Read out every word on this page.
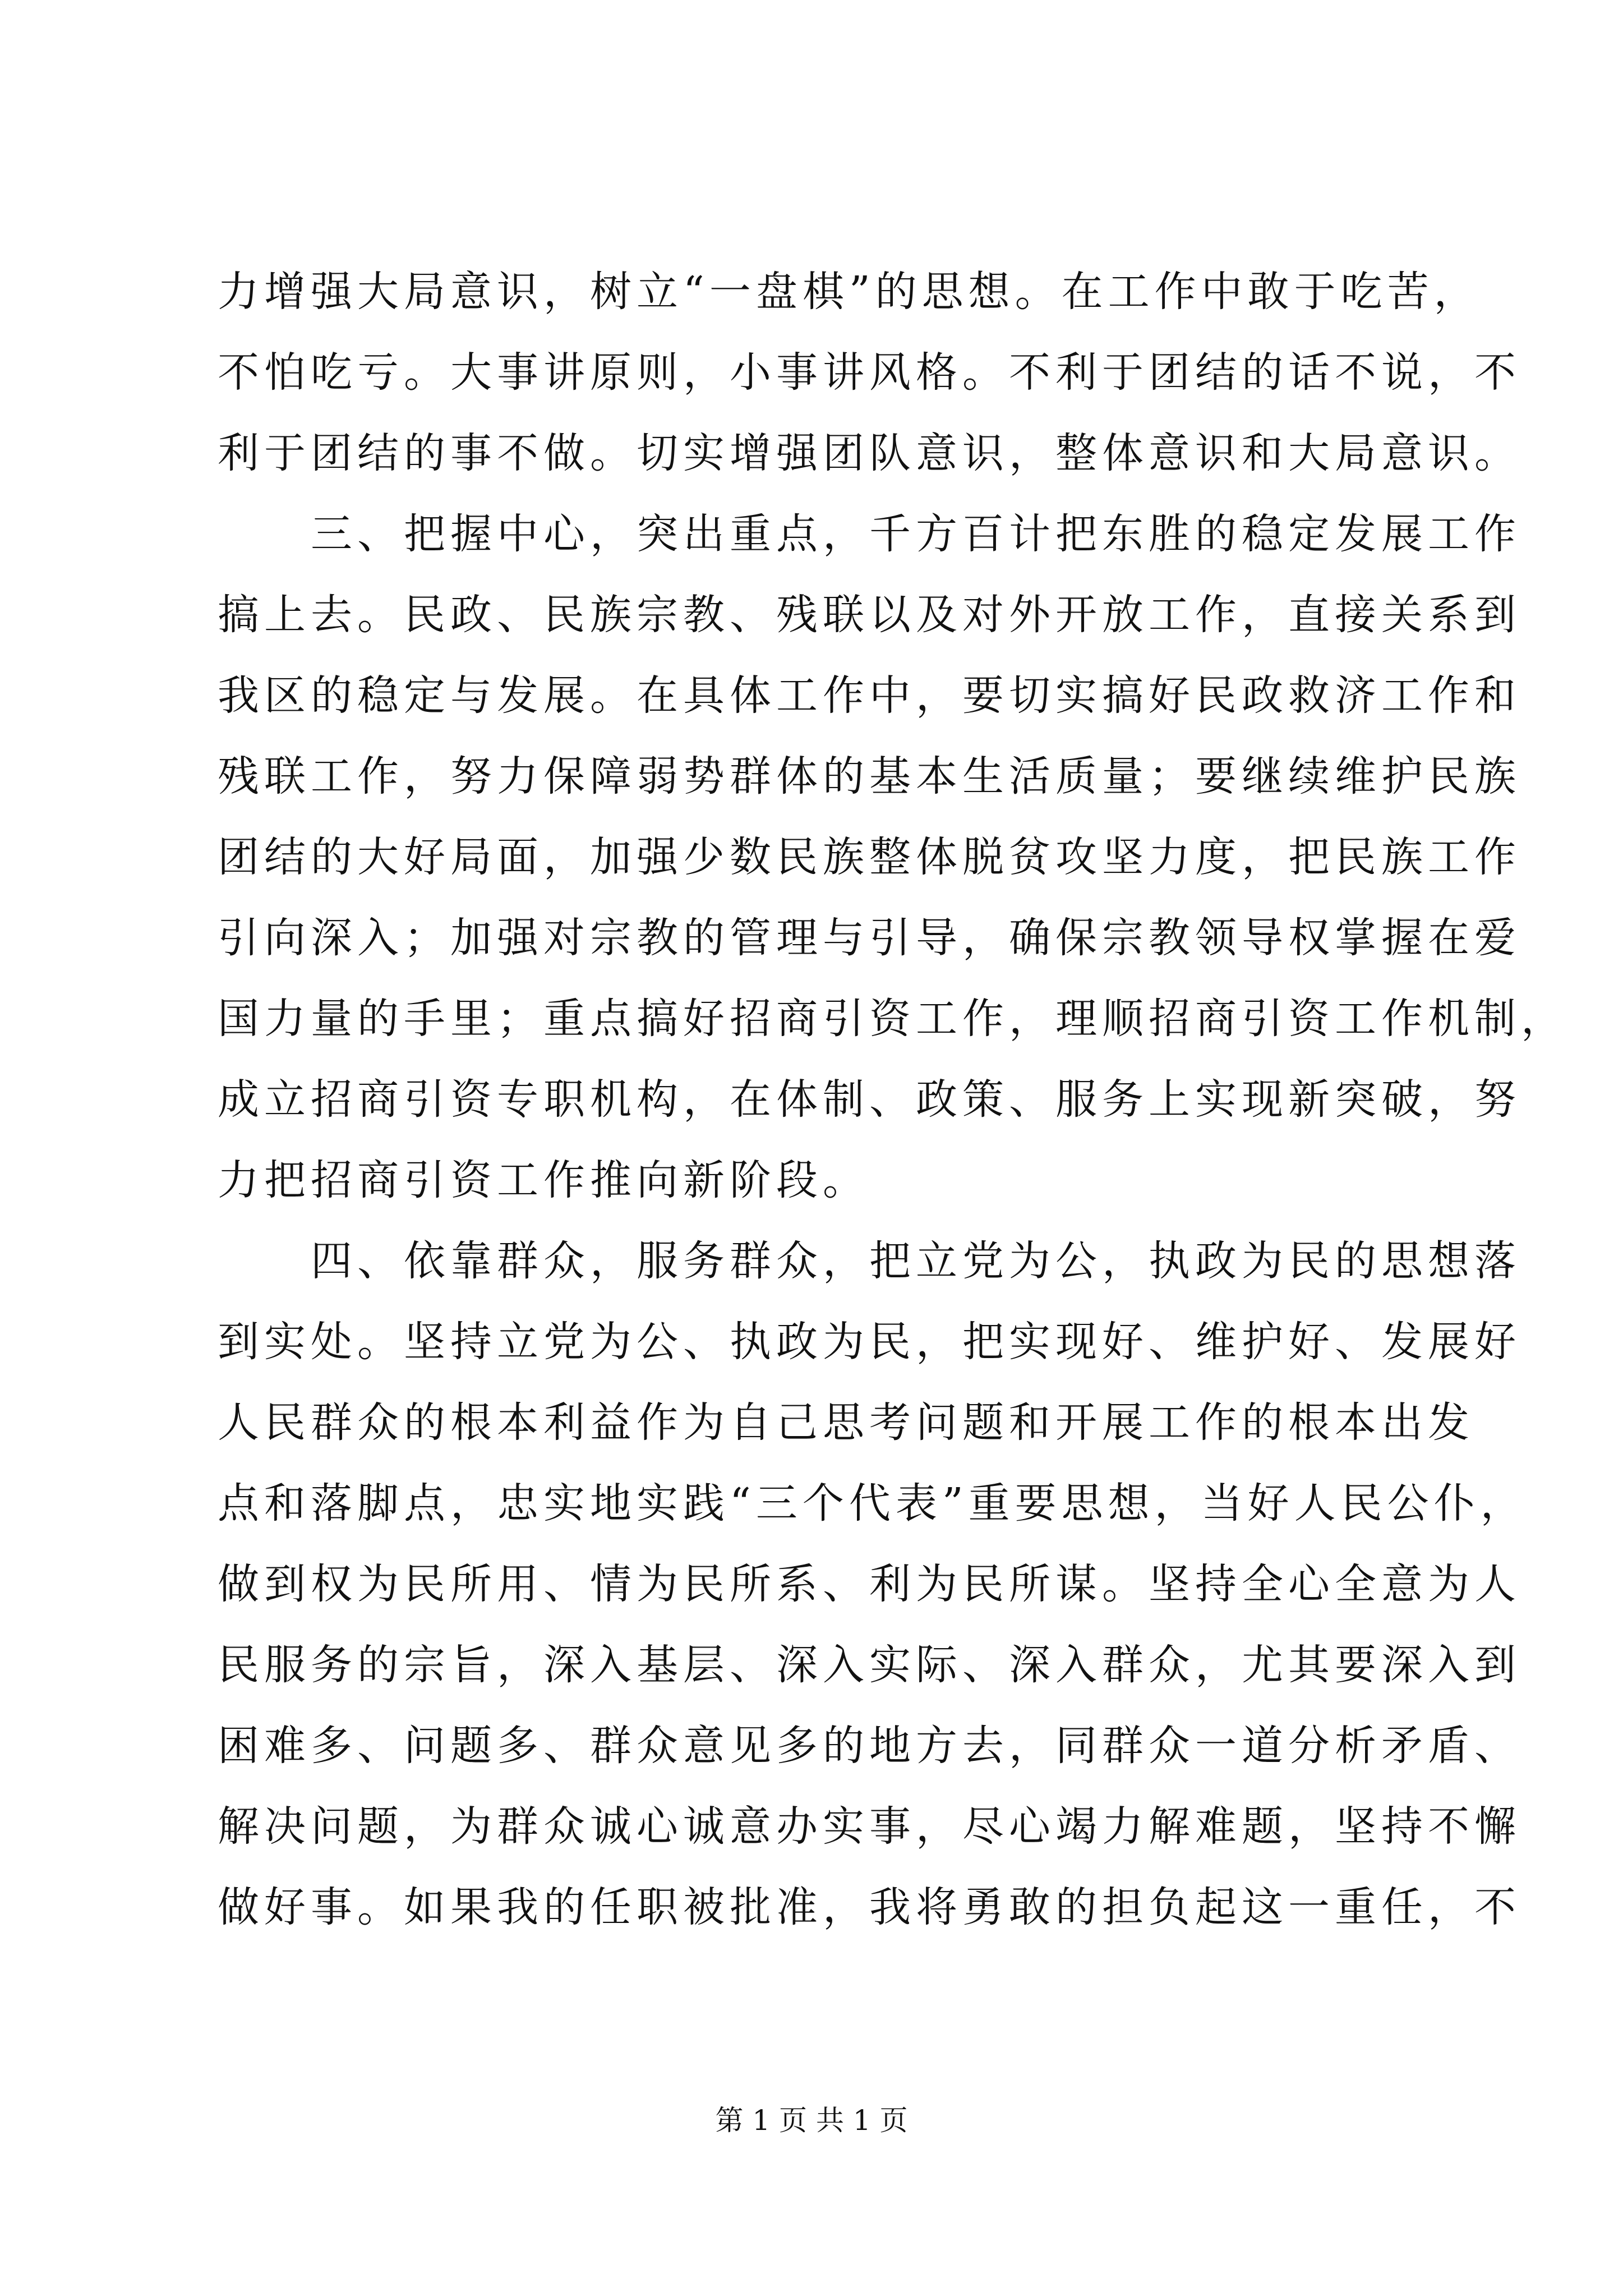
力增强大局意识，树立“一盘棋”的思想。在工作中敢于吃苦，
不怕吃亏。大事讲原则，小事讲风格。不利于团结的话不说，不
利于团结的事不做。切实增强团队意识，整体意识和大局意识。
　　三、把握中心，突出重点，千方百计把东胜的稳定发展工作
搞上去。民政、民族宗教、残联以及对外开放工作，直接关系到
我区的稳定与发展。在具体工作中，要切实搞好民政救济工作和
残联工作，努力保障弱势群体的基本生活质量；要继续维护民族
团结的大好局面，加强少数民族整体脱贫攻坚力度，把民族工作
引向深入；加强对宗教的管理与引导，确保宗教领导权掌握在爱
国力量的手里；重点搞好招商引资工作，理顺招商引资工作机制，
成立招商引资专职机构，在体制、政策、服务上实现新突破，努
力把招商引资工作推向新阶段。
　　四、依靠群众，服务群众，把立党为公，执政为民的思想落
到实处。坚持立党为公、执政为民，把实现好、维护好、发展好
人民群众的根本利益作为自己思考问题和开展工作的根本出发
点和落脚点，忠实地实践“三个代表”重要思想，当好人民公仆，
做到权为民所用、情为民所系、利为民所谋。坚持全心全意为人
民服务的宗旨，深入基层、深入实际、深入群众，尤其要深入到
困难多、问题多、群众意见多的地方去，同群众一道分析矛盾、
解决问题，为群众诚心诚意办实事，尽心竭力解难题，坚持不懈
做好事。如果我的任职被批准，我将勇敢的担负起这一重任，不
第 1 页 共 1 页
